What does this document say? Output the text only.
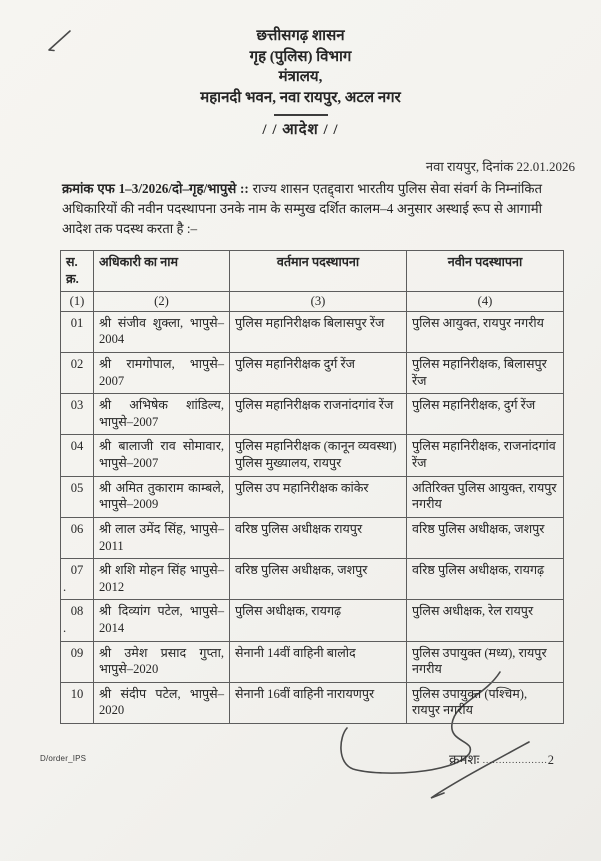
छत्तीसगढ़ शासन
गृह (पुलिस) विभाग
मंत्रालय,
महानदी भवन, नवा रायपुर, अटल नगर
/ / आदेश / /
नवा रायपुर, दिनांक 22.01.2026
क्रमांक एफ 1–3/2026/दो–गृह/भापुसे :: राज्य शासन एतद्द्वारा भारतीय पुलिस सेवा संवर्ग के निम्नांकित अधिकारियों की नवीन पदस्थापना उनके नाम के सम्मुख दर्शित कालम–4 अनुसार अस्थाई रूप से आगामी आदेश तक पदस्थ करता है :–
स.
क्र.	अधिकारी का नाम	वर्तमान पदस्थापना	नवीन पदस्थापना
(1)	(2)	(3)	(4)
01	श्री संजीव शुक्ला, भापुसे–2004	पुलिस महानिरीक्षक बिलासपुर रेंज	पुलिस आयुक्त, रायपुर नगरीय
02	श्री रामगोपाल, भापुसे–2007	पुलिस महानिरीक्षक दुर्ग रेंज	पुलिस महानिरीक्षक, बिलासपुर रेंज
03	श्री अभिषेक शांडिल्य, भापुसे–2007	पुलिस महानिरीक्षक राजनांदगांव रेंज	पुलिस महानिरीक्षक, दुर्ग रेंज
04	श्री बालाजी राव सोमावार, भापुसे–2007	पुलिस महानिरीक्षक (कानून व्यवस्था) पुलिस मुख्यालय, रायपुर	पुलिस महानिरीक्षक, राजनांदगांव रेंज
05	श्री अमित तुकाराम काम्बले, भापुसे–2009	पुलिस उप महानिरीक्षक कांकेर	अतिरिक्त पुलिस आयुक्त, रायपुर नगरीय
06	श्री लाल उमेंद सिंह, भापुसे–2011	वरिष्ठ पुलिस अधीक्षक रायपुर	वरिष्ठ पुलिस अधीक्षक, जशपुर
07
.	श्री शशि मोहन सिंह भापुसे– 2012	वरिष्ठ पुलिस अधीक्षक, जशपुर	वरिष्ठ पुलिस अधीक्षक, रायगढ़
08
.	श्री दिव्यांग पटेल, भापुसे–2014	पुलिस अधीक्षक, रायगढ़	पुलिस अधीक्षक, रेल रायपुर
09	श्री उमेश प्रसाद गुप्ता, भापुसे–2020	सेनानी 14वीं वाहिनी बालोद	पुलिस उपायुक्त (मध्य), रायपुर नगरीय
10	श्री संदीप पटेल, भापुसे–2020	सेनानी 16वीं वाहिनी नारायणपुर	पुलिस उपायुक्त (पश्चिम), रायपुर नगरीय
D/order_IPS	क्रमशः ....................2
